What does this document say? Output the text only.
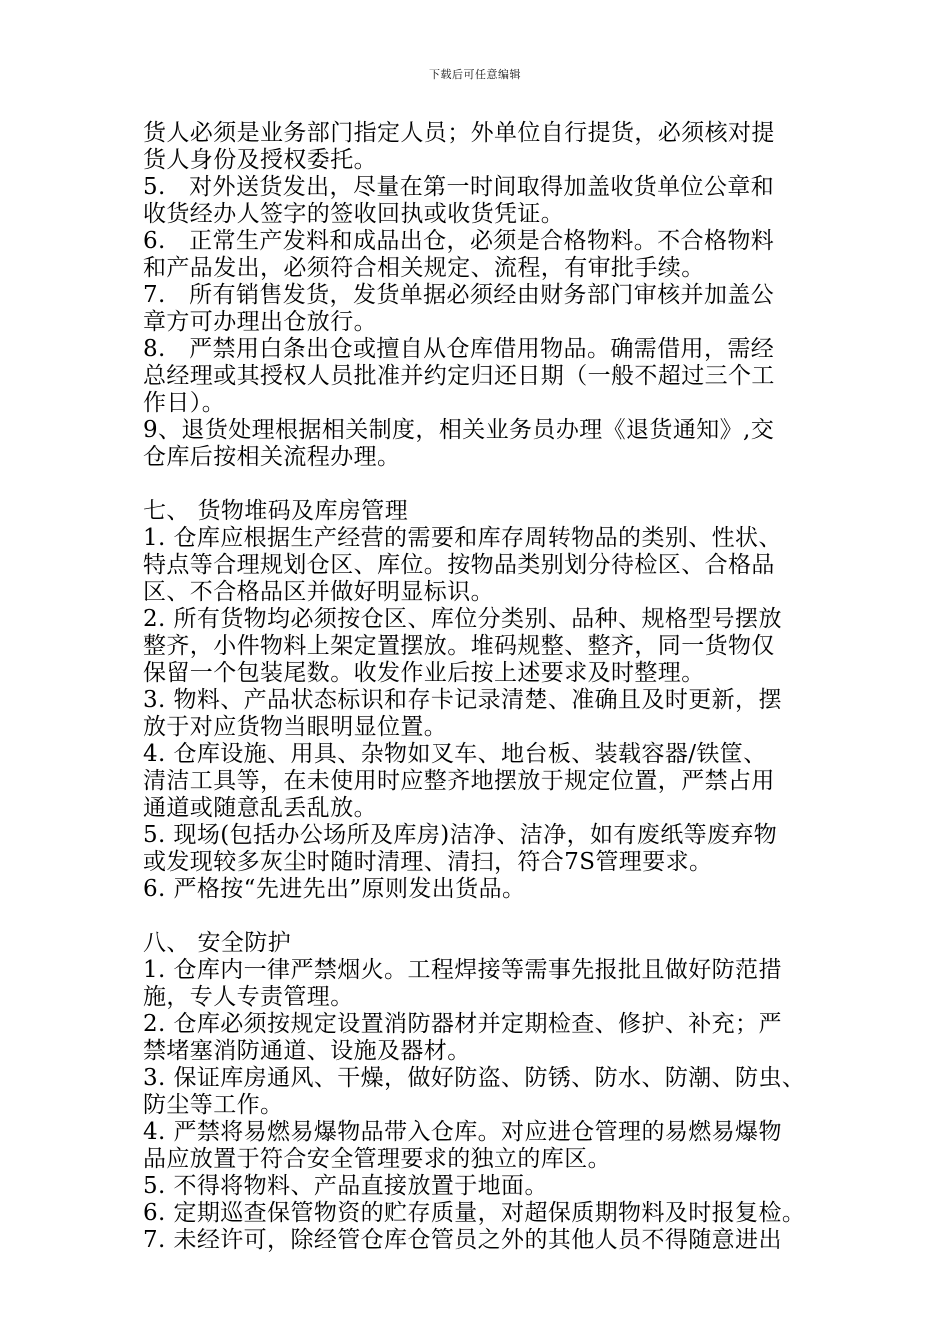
下载后可任意编辑
货人必须是业务部门指定人员；外单位自行提货，必须核对提
货人身份及授权委托。
5.　对外送货发出，尽量在第一时间取得加盖收货单位公章和
收货经办人签字的签收回执或收货凭证。
6.　正常生产发料和成品出仓，必须是合格物料。不合格物料
和产品发出，必须符合相关规定、流程，有审批手续。
7.　所有销售发货，发货单据必须经由财务部门审核并加盖公
章方可办理出仓放行。
8.　严禁用白条出仓或擅自从仓库借用物品。确需借用，需经
总经理或其授权人员批准并约定归还日期（一般不超过三个工
作日）。
9、退货处理根据相关制度，相关业务员办理《退货通知》,交
仓库后按相关流程办理。
七、 货物堆码及库房管理
1. 仓库应根据生产经营的需要和库存周转物品的类别、性状、
特点等合理规划仓区、库位。按物品类别划分待检区、合格品
区、不合格品区并做好明显标识。
2. 所有货物均必须按仓区、库位分类别、品种、规格型号摆放
整齐，小件物料上架定置摆放。堆码规整、整齐，同一货物仅
保留一个包装尾数。收发作业后按上述要求及时整理。
3. 物料、产品状态标识和存卡记录清楚、准确且及时更新，摆
放于对应货物当眼明显位置。
4. 仓库设施、用具、杂物如叉车、地台板、装载容器/铁筐、
清洁工具等，在未使用时应整齐地摆放于规定位置，严禁占用
通道或随意乱丢乱放。
5. 现场(包括办公场所及库房)洁净、洁净，如有废纸等废弃物
或发现较多灰尘时随时清理、清扫，符合7S管理要求。
6. 严格按“先进先出”原则发出货品。
八、 安全防护
1. 仓库内一律严禁烟火。工程焊接等需事先报批且做好防范措
施，专人专责管理。
2. 仓库必须按规定设置消防器材并定期检查、修护、补充；严
禁堵塞消防通道、设施及器材。
3. 保证库房通风、干燥，做好防盗、防锈、防水、防潮、防虫、
防尘等工作。
4. 严禁将易燃易爆物品带入仓库。对应进仓管理的易燃易爆物
品应放置于符合安全管理要求的独立的库区。
5. 不得将物料、产品直接放置于地面。
6. 定期巡查保管物资的贮存质量，对超保质期物料及时报复检。
7. 未经许可，除经管仓库仓管员之外的其他人员不得随意进出
